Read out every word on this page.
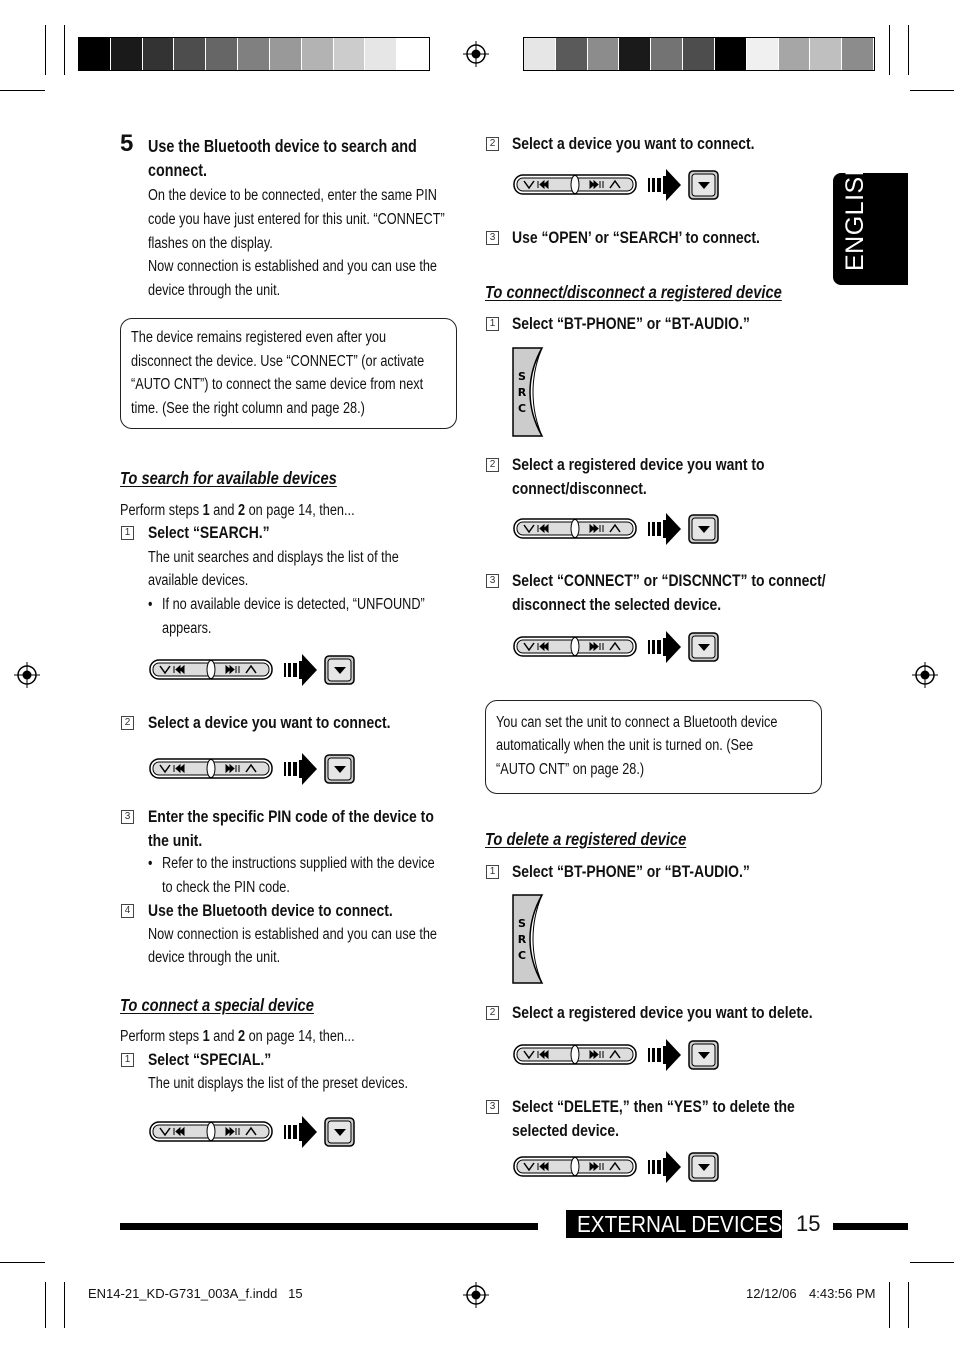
ENGLISH
5 Use the Bluetooth device to search and
connect.
On the device to be connected, enter the same PIN
code you have just entered for this unit. “CONNECT”
flashes on the display.
Now connection is established and you can use the
device through the unit.
The device remains registered even after you
disconnect the device. Use “CONNECT” (or activate
“AUTO CNT”) to connect the same device from next
time. (See the right column and page 28.)
To search for available devices
Perform steps 1 and 2 on page 14, then...
1 Select “SEARCH.”
The unit searches and displays the list of the
available devices.
• If no available device is detected, “UNFOUND”
appears.
2 Select a device you want to connect.
3 Enter the specific PIN code of the device to
the unit.
• Refer to the instructions supplied with the device
to check the PIN code.
4 Use the Bluetooth device to connect.
Now connection is established and you can use the
device through the unit.
To connect a special device
Perform steps 1 and 2 on page 14, then...
1 Select “SPECIAL.”
The unit displays the list of the preset devices.
2 Select a device you want to connect.
3 Use “OPEN’ or “SEARCH’ to connect.
To connect/disconnect a registered device
1 Select “BT-PHONE” or “BT-AUDIO.”
S
R
C
2 Select a registered device you want to
connect/disconnect.
3 Select “CONNECT” or “DISCNNCT” to connect/
disconnect the selected device.
You can set the unit to connect a Bluetooth device
automatically when the unit is turned on. (See
“AUTO CNT” on page 28.)
To delete a registered device
1 Select “BT-PHONE” or “BT-AUDIO.”
S
R
C
2 Select a registered device you want to delete.
3 Select “DELETE,” then “YES” to delete the
selected device.
EXTERNAL DEVICES 15
EN14-21_KD-G731_003A_f.indd   15	12/12/06 4:43:56 PM
